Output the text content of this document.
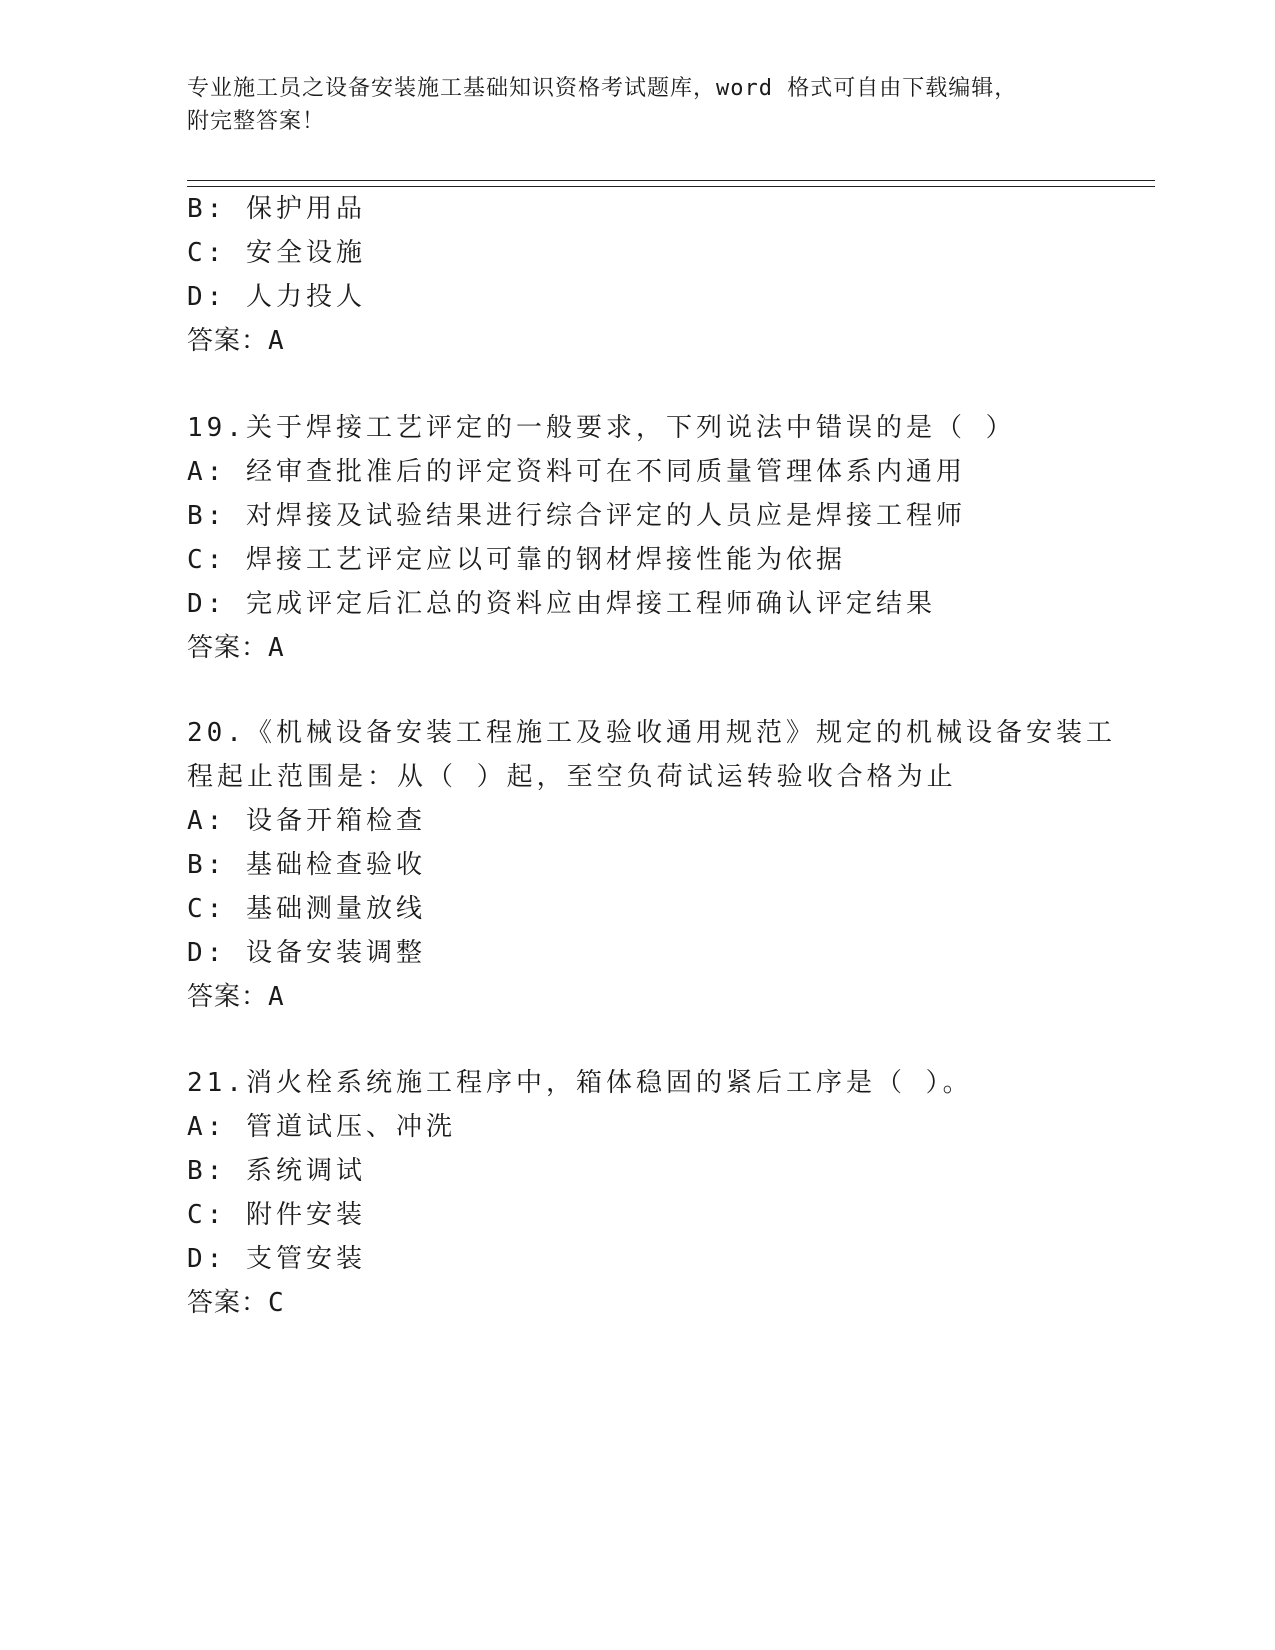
专业施工员之设备安装施工基础知识资格考试题库，word 格式可自由下载编辑，
附完整答案！
B: 保护用品
C: 安全设施
D: 人力投人
答案：A
19.关于焊接工艺评定的一般要求，下列说法中错误的是（ ）
A: 经审查批准后的评定资料可在不同质量管理体系内通用
B: 对焊接及试验结果进行综合评定的人员应是焊接工程师
C: 焊接工艺评定应以可靠的钢材焊接性能为依据
D: 完成评定后汇总的资料应由焊接工程师确认评定结果
答案：A
20.《机械设备安装工程施工及验收通用规范》规定的机械设备安装工
程起止范围是：从（ ）起，至空负荷试运转验收合格为止
A: 设备开箱检查
B: 基础检查验收
C: 基础测量放线
D: 设备安装调整
答案：A
21.消火栓系统施工程序中，箱体稳固的紧后工序是（ ）。
A: 管道试压、冲洗
B: 系统调试
C: 附件安装
D: 支管安装
答案：C
